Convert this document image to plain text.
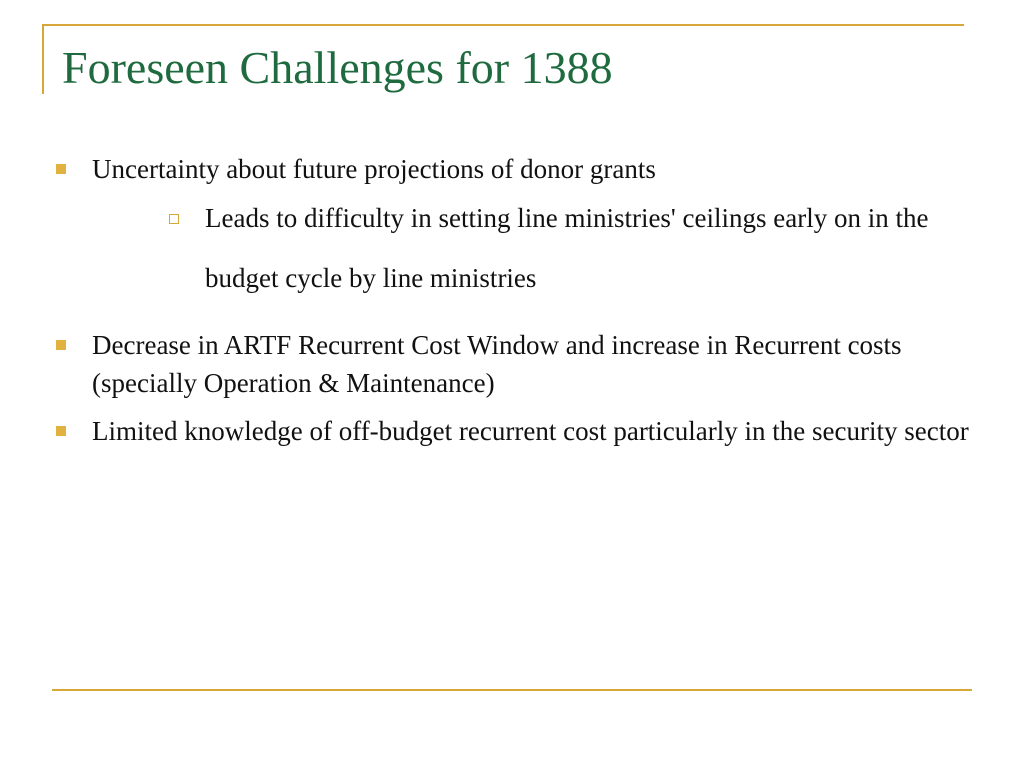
Foreseen Challenges for 1388
Uncertainty about future projections of donor grants
Leads to difficulty in setting line ministries' ceilings early on in the budget cycle by line ministries
Decrease in ARTF Recurrent Cost Window and increase in Recurrent costs (specially Operation & Maintenance)
Limited knowledge of off-budget recurrent cost particularly in the security sector
